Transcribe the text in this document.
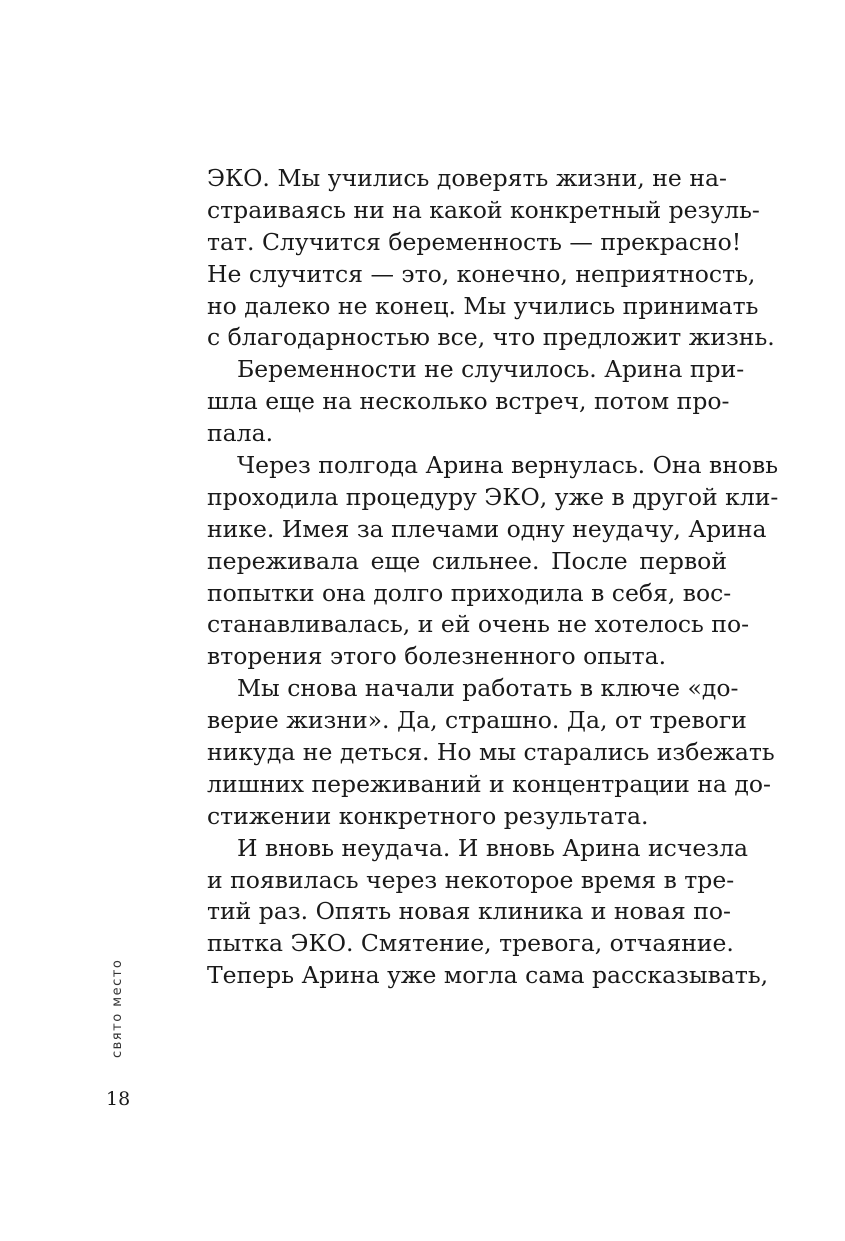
ЭКО. Мы учились доверять жизни, не на-
страиваясь ни на какой конкретный резуль-
тат. Случится беременность — прекрасно!
Не случится — это, конечно, неприятность,
но далеко не конец. Мы учились принимать
с благодарностью все, что предложит жизнь.
Беременности не случилось. Арина при-
шла еще на несколько встреч, потом про-
пала.
Через полгода Арина вернулась. Она вновь
проходила процедуру ЭКО, уже в другой кли-
нике. Имея за плечами одну неудачу, Арина
переживала еще сильнее. После первой
попытки она долго приходила в себя, вос-
станавливалась, и ей очень не хотелось по-
вторения этого болезненного опыта.
Мы снова начали работать в ключе «до-
верие жизни». Да, страшно. Да, от тревоги
никуда не деться. Но мы старались избежать
лишних переживаний и концентрации на до-
стижении конкретного результата.
И вновь неудача. И вновь Арина исчезла
и появилась через некоторое время в тре-
тий раз. Опять новая клиника и новая по-
пытка ЭКО. Смятение, тревога, отчаяние.
Теперь Арина уже могла сама рассказывать,
свято место
18
